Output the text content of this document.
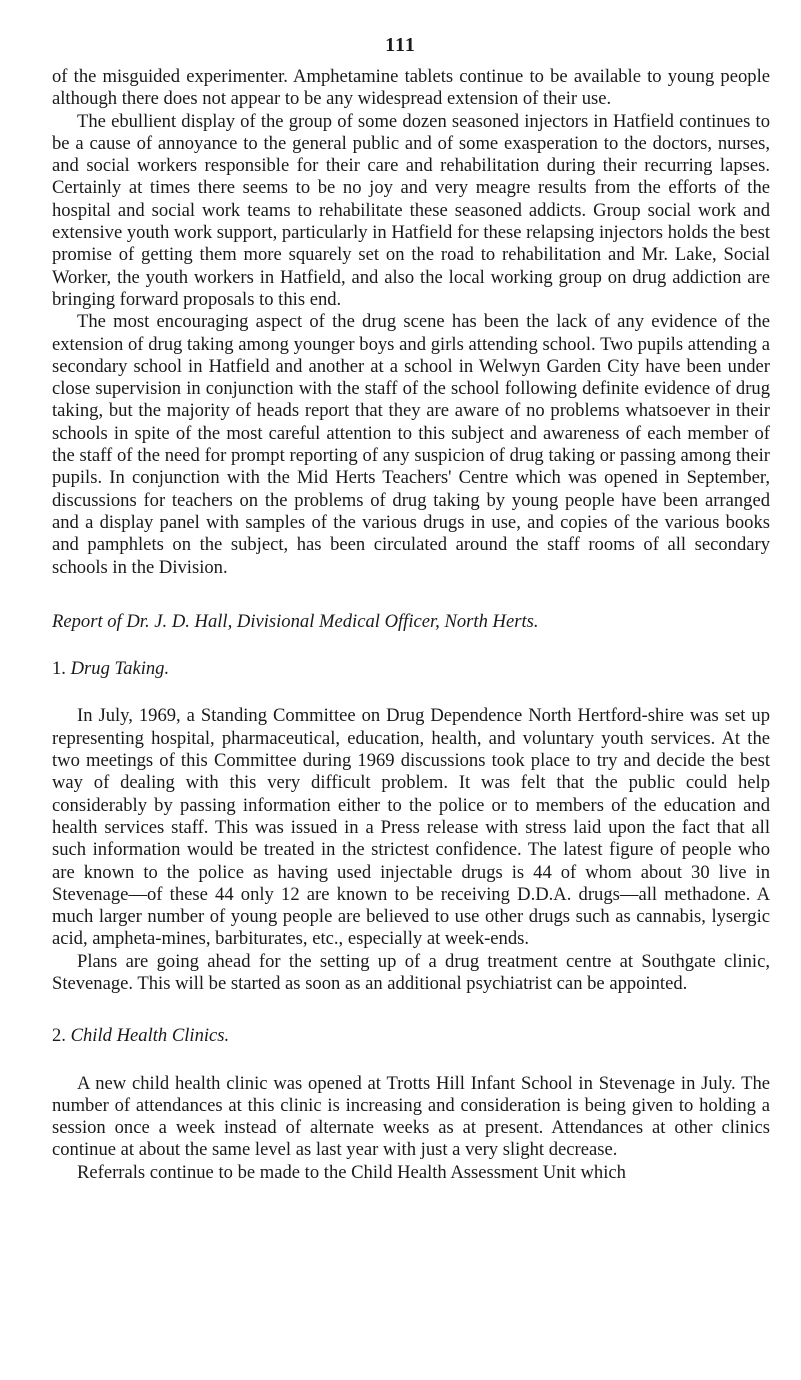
111

of the misguided experimenter. Amphetamine tablets continue to be available to young people although there does not appear to be any widespread extension of their use.

The ebullient display of the group of some dozen seasoned injectors in Hatfield continues to be a cause of annoyance to the general public and of some exasperation to the doctors, nurses, and social workers responsible for their care and rehabilitation during their recurring lapses. Certainly at times there seems to be no joy and very meagre results from the efforts of the hospital and social work teams to rehabilitate these seasoned addicts. Group social work and extensive youth work support, particularly in Hatfield for these relapsing injectors holds the best promise of getting them more squarely set on the road to rehabilitation and Mr. Lake, Social Worker, the youth workers in Hatfield, and also the local working group on drug addiction are bringing forward proposals to this end.

The most encouraging aspect of the drug scene has been the lack of any evidence of the extension of drug taking among younger boys and girls attending school. Two pupils attending a secondary school in Hatfield and another at a school in Welwyn Garden City have been under close supervision in conjunction with the staff of the school following definite evidence of drug taking, but the majority of heads report that they are aware of no problems whatsoever in their schools in spite of the most careful attention to this subject and awareness of each member of the staff of the need for prompt reporting of any suspicion of drug taking or passing among their pupils. In conjunction with the Mid Herts Teachers' Centre which was opened in September, discussions for teachers on the problems of drug taking by young people have been arranged and a display panel with samples of the various drugs in use, and copies of the various books and pamphlets on the subject, has been circulated around the staff rooms of all secondary schools in the Division.

Report of Dr. J. D. Hall, Divisional Medical Officer, North Herts.

1. Drug Taking.

In July, 1969, a Standing Committee on Drug Dependence North Hertford-shire was set up representing hospital, pharmaceutical, education, health, and voluntary youth services. At the two meetings of this Committee during 1969 discussions took place to try and decide the best way of dealing with this very difficult problem. It was felt that the public could help considerably by passing information either to the police or to members of the education and health services staff. This was issued in a Press release with stress laid upon the fact that all such information would be treated in the strictest confidence. The latest figure of people who are known to the police as having used injectable drugs is 44 of whom about 30 live in Stevenage—of these 44 only 12 are known to be receiving D.D.A. drugs—all methadone. A much larger number of young people are believed to use other drugs such as cannabis, lysergic acid, ampheta-mines, barbiturates, etc., especially at week-ends.

Plans are going ahead for the setting up of a drug treatment centre at Southgate clinic, Stevenage. This will be started as soon as an additional psychiatrist can be appointed.

2. Child Health Clinics.

A new child health clinic was opened at Trotts Hill Infant School in Stevenage in July. The number of attendances at this clinic is increasing and consideration is being given to holding a session once a week instead of alternate weeks as at present. Attendances at other clinics continue at about the same level as last year with just a very slight decrease.

Referrals continue to be made to the Child Health Assessment Unit which
